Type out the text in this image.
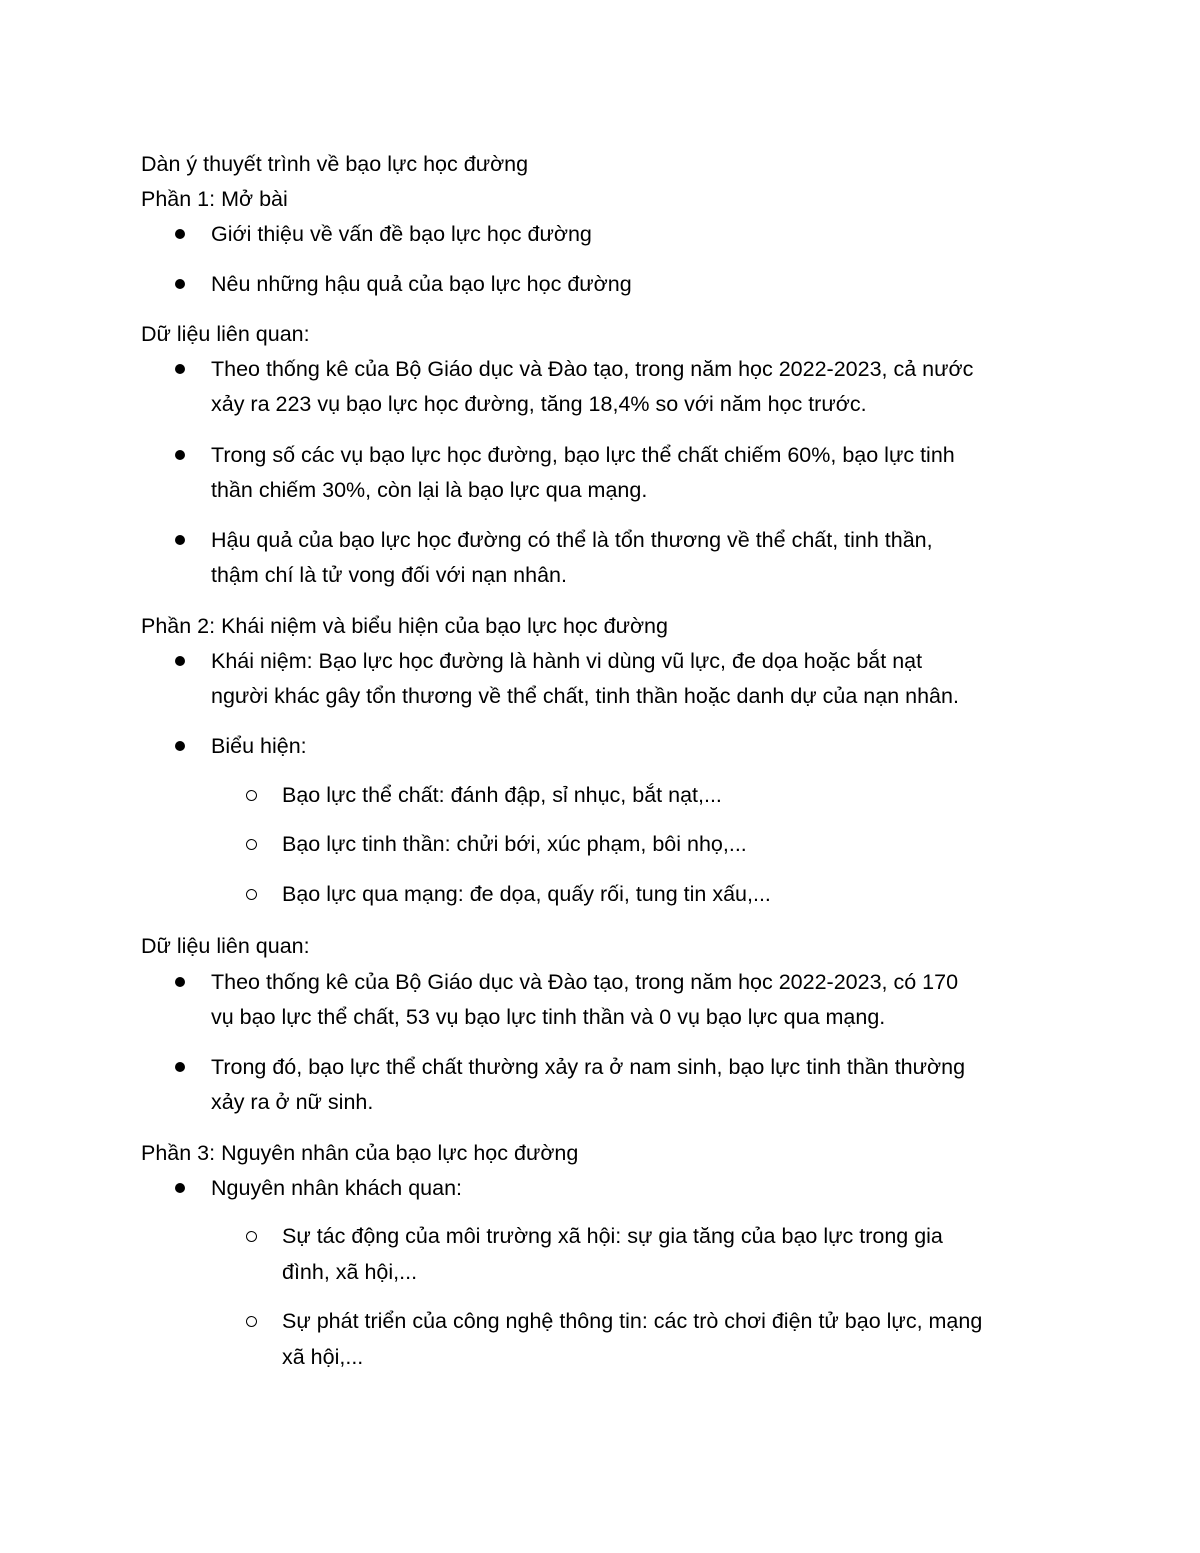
Dàn ý thuyết trình về bạo lực học đường
Phần 1: Mở bài
Giới thiệu về vấn đề bạo lực học đường
Nêu những hậu quả của bạo lực học đường
Dữ liệu liên quan:
Theo thống kê của Bộ Giáo dục và Đào tạo, trong năm học 2022-2023, cả nước
xảy ra 223 vụ bạo lực học đường, tăng 18,4% so với năm học trước.
Trong số các vụ bạo lực học đường, bạo lực thể chất chiếm 60%, bạo lực tinh
thần chiếm 30%, còn lại là bạo lực qua mạng.
Hậu quả của bạo lực học đường có thể là tổn thương về thể chất, tinh thần,
thậm chí là tử vong đối với nạn nhân.
Phần 2: Khái niệm và biểu hiện của bạo lực học đường
Khái niệm: Bạo lực học đường là hành vi dùng vũ lực, đe dọa hoặc bắt nạt
người khác gây tổn thương về thể chất, tinh thần hoặc danh dự của nạn nhân.
Biểu hiện:
Bạo lực thể chất: đánh đập, sỉ nhục, bắt nạt,...
Bạo lực tinh thần: chửi bới, xúc phạm, bôi nhọ,...
Bạo lực qua mạng: đe dọa, quấy rối, tung tin xấu,...
Dữ liệu liên quan:
Theo thống kê của Bộ Giáo dục và Đào tạo, trong năm học 2022-2023, có 170
vụ bạo lực thể chất, 53 vụ bạo lực tinh thần và 0 vụ bạo lực qua mạng.
Trong đó, bạo lực thể chất thường xảy ra ở nam sinh, bạo lực tinh thần thường
xảy ra ở nữ sinh.
Phần 3: Nguyên nhân của bạo lực học đường
Nguyên nhân khách quan:
Sự tác động của môi trường xã hội: sự gia tăng của bạo lực trong gia
đình, xã hội,...
Sự phát triển của công nghệ thông tin: các trò chơi điện tử bạo lực, mạng
xã hội,...
